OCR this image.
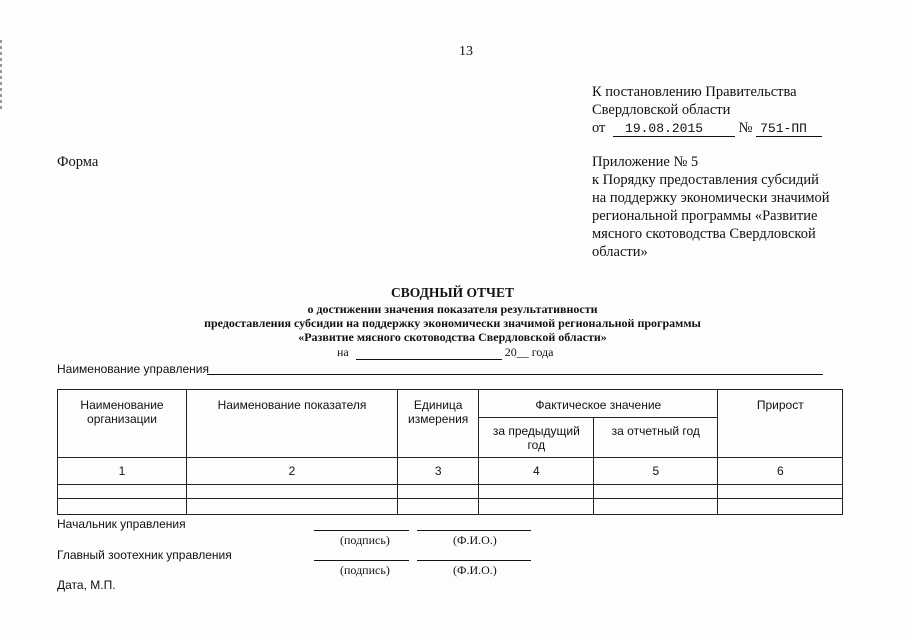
13
К постановлению Правительства
Свердловской области
от 19.08.2015 № 751-ПП
Форма	Приложение № 5
к Порядку предоставления субсидий
на поддержку экономически значимой
региональной программы «Развитие
мясного скотоводства Свердловской
области»
СВОДНЫЙ ОТЧЕТ
о достижении значения показателя результативности
предоставления субсидии на поддержку экономически значимой региональной программы
«Развитие мясного скотоводства Свердловской области»
на	20__ года
Наименование управления
Наименование организации	Наименование показателя	Единица измерения	Фактическое значение		Прирост

			за предыдущий год	за отчетный год	

1	2	3	4	5	6

Начальник управления
(подпись)	(Ф.И.О.)
Главный зоотехник управления
(подпись)	(Ф.И.О.)
Дата, М.П.
